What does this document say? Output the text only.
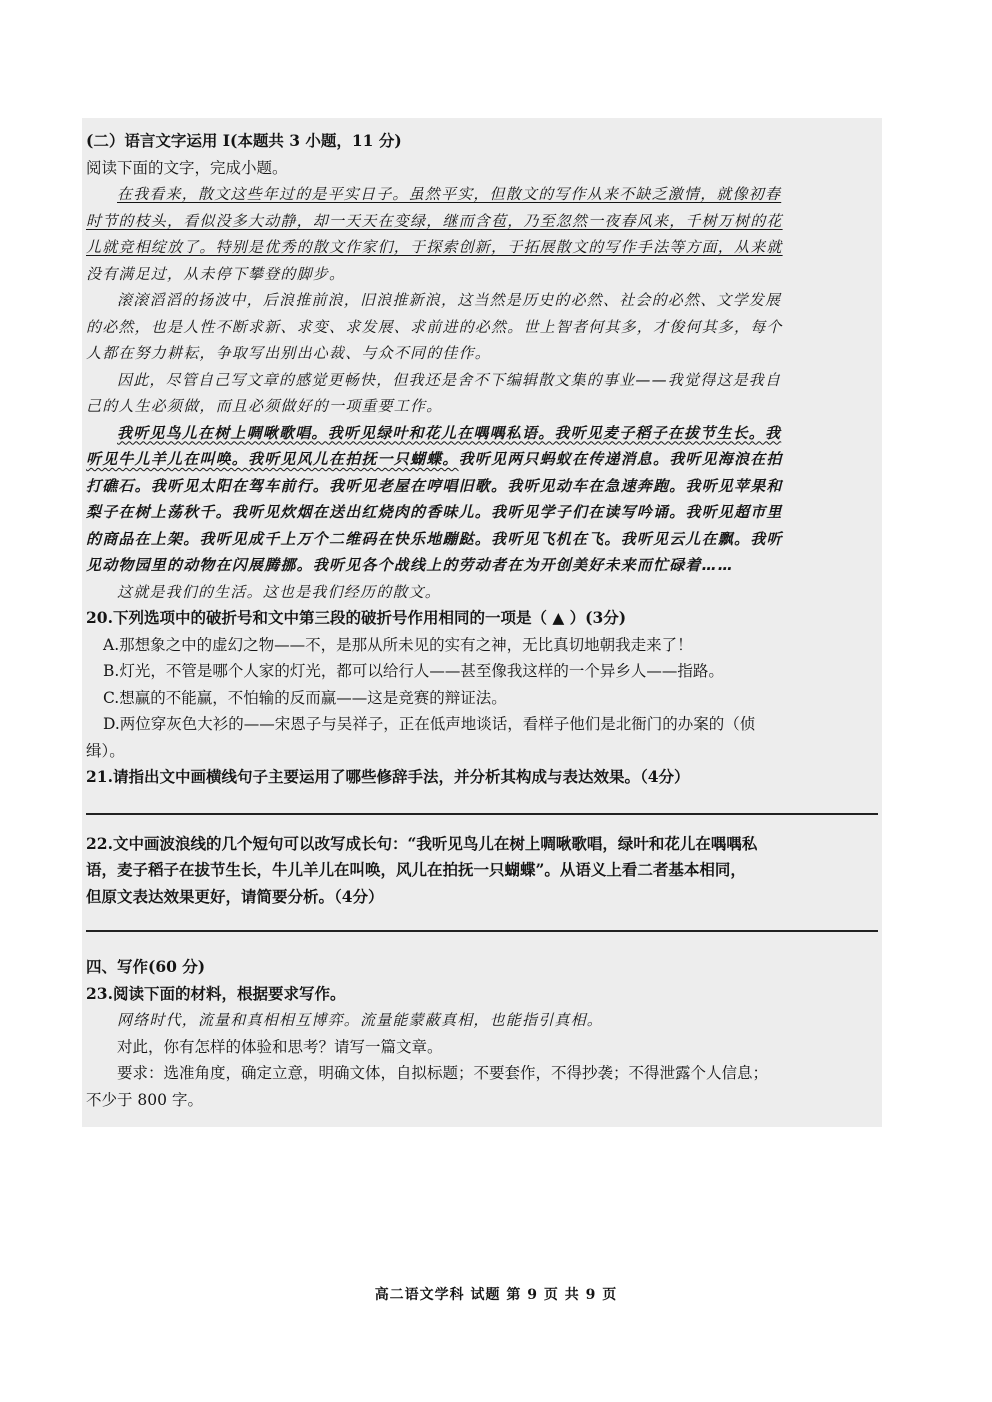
(二）语言文字运用 I(本题共 3 小题，11 分)
阅读下面的文字，完成小题。
在我看来，散文这些年过的是平实日子。虽然平实，但散文的写作从来不缺乏激情，就像初春
时节的枝头，看似没多大动静，却一天天在变绿，继而含苞，乃至忽然一夜春风来，千树万树的花
儿就竞相绽放了。特别是优秀的散文作家们，于探索创新，于拓展散文的写作手法等方面，从来就
没有满足过，从未停下攀登的脚步。
滚滚滔滔的扬波中，后浪推前浪，旧浪推新浪，这当然是历史的必然、社会的必然、文学发展
的必然，也是人性不断求新、求变、求发展、求前进的必然。世上智者何其多，才俊何其多，每个
人都在努力耕耘，争取写出别出心裁、与众不同的佳作。
因此，尽管自己写文章的感觉更畅快，但我还是舍不下编辑散文集的事业——我觉得这是我自
己的人生必须做，而且必须做好的一项重要工作。
我听见鸟儿在树上啁啾歌唱。我听见绿叶和花儿在喁喁私语。我听见麦子稻子在拔节生长。我
听见牛儿羊儿在叫唤。我听见风儿在拍抚一只蝴蝶。我听见两只蚂蚁在传递消息。我听见海浪在拍
打礁石。我听见太阳在驾车前行。我听见老屋在哼唱旧歌。我听见动车在急速奔跑。我听见苹果和
梨子在树上荡秋千。我听见炊烟在送出红烧肉的香味儿。我听见学子们在读写吟诵。我听见超市里
的商品在上架。我听见成千上万个二维码在快乐地蹦跶。我听见飞机在飞。我听见云儿在飘。我听
见动物园里的动物在闪展腾挪。我听见各个战线上的劳动者在为开创美好未来而忙碌着……
这就是我们的生活。这也是我们经历的散文。
20.下列选项中的破折号和文中第三段的破折号作用相同的一项是（ ▲ ）(3分)
A.那想象之中的虚幻之物——不，是那从所未见的实有之神，无比真切地朝我走来了！
B.灯光，不管是哪个人家的灯光，都可以给行人——甚至像我这样的一个异乡人——指路。
C.想赢的不能赢，不怕输的反而赢——这是竞赛的辩证法。
D.两位穿灰色大衫的——宋恩子与吴祥子，正在低声地谈话，看样子他们是北衙门的办案的（侦
缉）。
21.请指出文中画横线句子主要运用了哪些修辞手法，并分析其构成与表达效果。（4分）
22.文中画波浪线的几个短句可以改写成长句：“我听见鸟儿在树上啁啾歌唱，绿叶和花儿在喁喁私
语，麦子稻子在拔节生长，牛儿羊儿在叫唤，风儿在拍抚一只蝴蝶”。从语义上看二者基本相同，
但原文表达效果更好，请简要分析。（4分）
四、写作(60 分)
23.阅读下面的材料，根据要求写作。
网络时代，流量和真相相互博弈。流量能蒙蔽真相，也能指引真相。
对此，你有怎样的体验和思考？请写一篇文章。
要求：选准角度，确定立意，明确文体，自拟标题；不要套作，不得抄袭；不得泄露个人信息；
不少于 800 字。
高二语文学科 试题 第 9 页 共 9 页
